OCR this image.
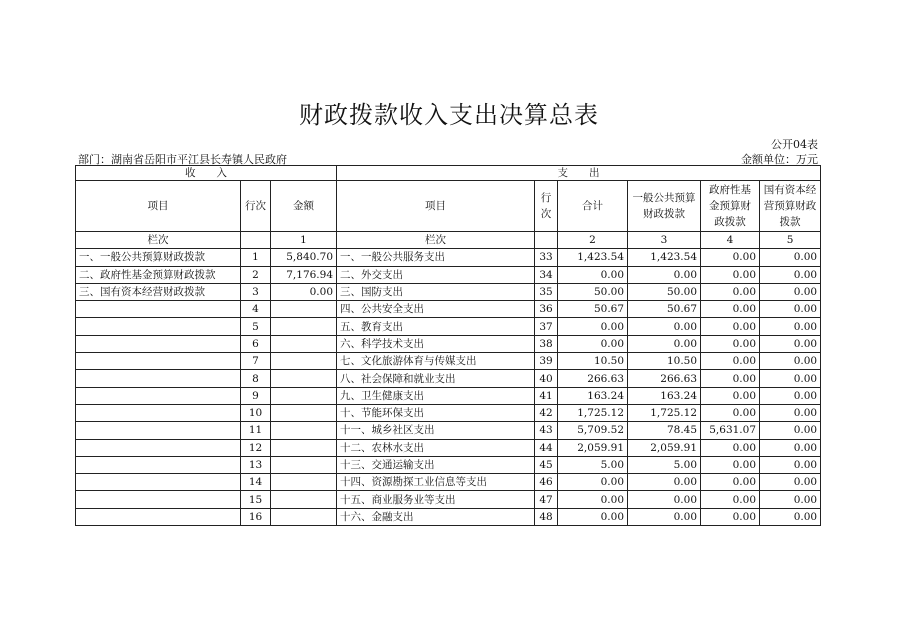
财政拨款收入支出决算总表
公开04表
部门：湖南省岳阳市平江县长寿镇人民政府	金额单位：万元
收　　入			支　　出					
项目	行次	金额	项目	行次	合计	一般公共预算财政拨款	政府性基金预算财政拨款	国有资本经营预算财政拨款
栏次		1	栏次		2	3	4	5
一、一般公共预算财政拨款	1	5,840.70	一、一般公共服务支出	33	1,423.54	1,423.54	0.00	0.00
二、政府性基金预算财政拨款	2	7,176.94	二、外交支出	34	0.00	0.00	0.00	0.00
三、国有资本经营财政拨款	3	0.00	三、国防支出	35	50.00	50.00	0.00	0.00
	4		四、公共安全支出	36	50.67	50.67	0.00	0.00
	5		五、教育支出	37	0.00	0.00	0.00	0.00
	6		六、科学技术支出	38	0.00	0.00	0.00	0.00
	7		七、文化旅游体育与传媒支出	39	10.50	10.50	0.00	0.00
	8		八、社会保障和就业支出	40	266.63	266.63	0.00	0.00
	9		九、卫生健康支出	41	163.24	163.24	0.00	0.00
	10		十、节能环保支出	42	1,725.12	1,725.12	0.00	0.00
	11		十一、城乡社区支出	43	5,709.52	78.45	5,631.07	0.00
	12		十二、农林水支出	44	2,059.91	2,059.91	0.00	0.00
	13		十三、交通运输支出	45	5.00	5.00	0.00	0.00
	14		十四、资源勘探工业信息等支出	46	0.00	0.00	0.00	0.00
	15		十五、商业服务业等支出	47	0.00	0.00	0.00	0.00
	16		十六、金融支出	48	0.00	0.00	0.00	0.00
